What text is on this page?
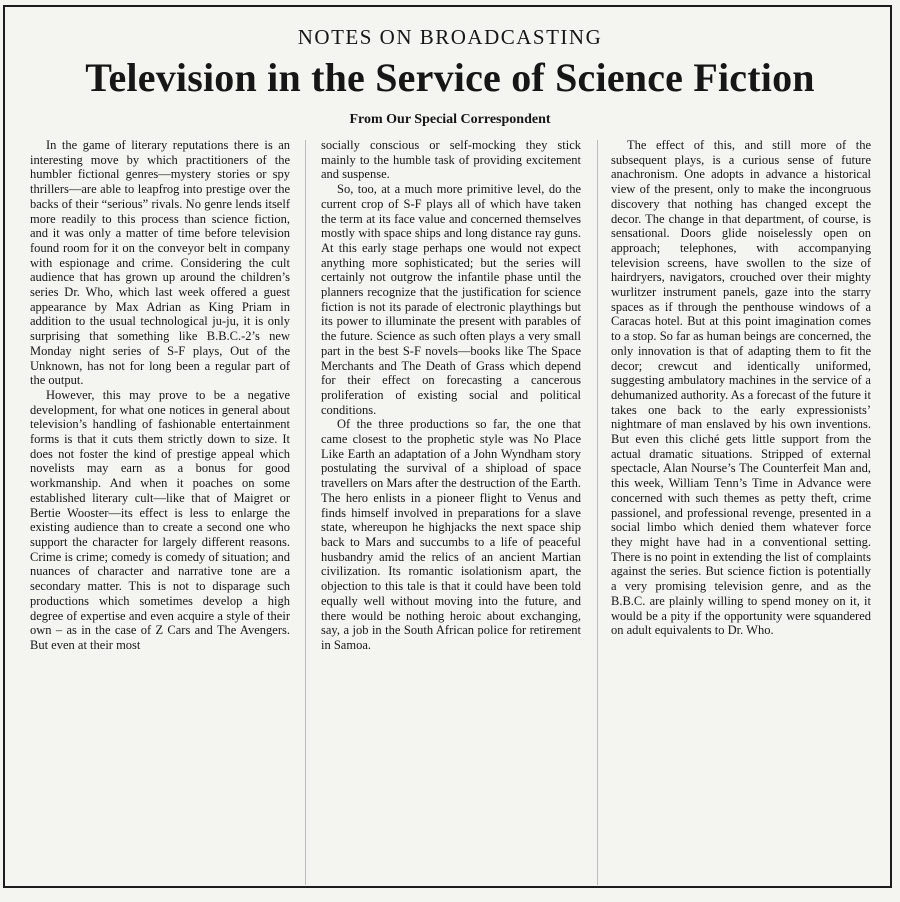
NOTES ON BROADCASTING
Television in the Service of Science Fiction
From Our Special Correspondent

In the game of literary reputations there is an interesting move by which practitioners of the humbler fictional genres—mystery stories or spy thrillers—are able to leapfrog into prestige over the backs of their “serious” rivals. No genre lends itself more readily to this process than science fiction, and it was only a matter of time before television found room for it on the conveyor belt in company with espionage and crime. Considering the cult audience that has grown up around the children’s series Dr. Who, which last week offered a guest appearance by Max Adrian as King Priam in addition to the usual technological ju-ju, it is only surprising that something like B.B.C.-2’s new Monday night series of S-F plays, Out of the Unknown, has not for long been a regular part of the output.

However, this may prove to be a negative development, for what one notices in general about television’s handling of fashionable entertainment forms is that it cuts them strictly down to size. It does not foster the kind of prestige appeal which novelists may earn as a bonus for good workmanship. And when it poaches on some established literary cult—like that of Maigret or Bertie Wooster—its effect is less to enlarge the existing audience than to create a second one who support the character for largely different reasons. Crime is crime; comedy is comedy of situation; and nuances of character and narrative tone are a secondary matter. This is not to disparage such productions which sometimes develop a high degree of expertise and even acquire a style of their own – as in the case of Z Cars and The Avengers. But even at their most

socially conscious or self-mocking they stick mainly to the humble task of providing excitement and suspense.

So, too, at a much more primitive level, do the current crop of S-F plays all of which have taken the term at its face value and concerned themselves mostly with space ships and long distance ray guns. At this early stage perhaps one would not expect anything more sophisticated; but the series will certainly not outgrow the infantile phase until the planners recognize that the justification for science fiction is not its parade of electronic playthings but its power to illuminate the present with parables of the future. Science as such often plays a very small part in the best S-F novels—books like The Space Merchants and The Death of Grass which depend for their effect on forecasting a cancerous proliferation of existing social and political conditions.

Of the three productions so far, the one that came closest to the prophetic style was No Place Like Earth an adaptation of a John Wyndham story postulating the survival of a shipload of space travellers on Mars after the destruction of the Earth. The hero enlists in a pioneer flight to Venus and finds himself involved in preparations for a slave state, whereupon he highjacks the next space ship back to Mars and succumbs to a life of peaceful husbandry amid the relics of an ancient Martian civilization. Its romantic isolationism apart, the objection to this tale is that it could have been told equally well without moving into the future, and there would be nothing heroic about exchanging, say, a job in the South African police for retirement in Samoa.

The effect of this, and still more of the subsequent plays, is a curious sense of future anachronism. One adopts in advance a historical view of the present, only to make the incongruous discovery that nothing has changed except the decor. The change in that department, of course, is sensational. Doors glide noiselessly open on approach; telephones, with accompanying television screens, have swollen to the size of hairdryers, navigators, crouched over their mighty wurlitzer instrument panels, gaze into the starry spaces as if through the penthouse windows of a Caracas hotel. But at this point imagination comes to a stop. So far as human beings are concerned, the only innovation is that of adapting them to fit the decor; crewcut and identically uniformed, suggesting ambulatory machines in the service of a dehumanized authority. As a forecast of the future it takes one back to the early expressionists’ nightmare of man enslaved by his own inventions. But even this cliché gets little support from the actual dramatic situations. Stripped of external spectacle, Alan Nourse’s The Counterfeit Man and, this week, William Tenn’s Time in Advance were concerned with such themes as petty theft, crime passionel, and professional revenge, presented in a social limbo which denied them whatever force they might have had in a conventional setting. There is no point in extending the list of complaints against the series. But science fiction is potentially a very promising television genre, and as the B.B.C. are plainly willing to spend money on it, it would be a pity if the opportunity were squandered on adult equivalents to Dr. Who.
